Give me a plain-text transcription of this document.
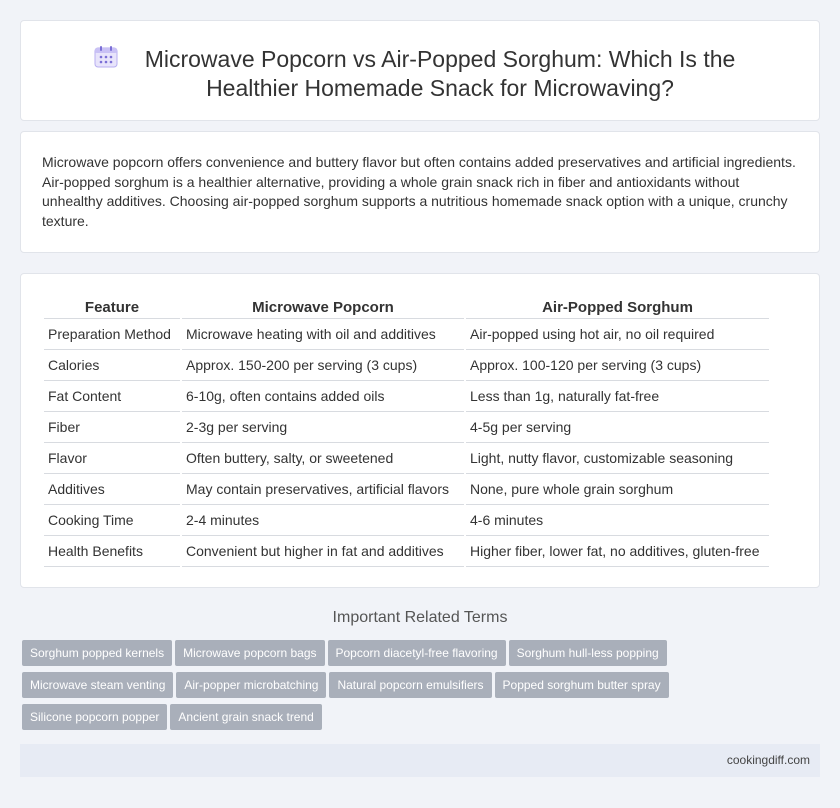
Microwave Popcorn vs Air-Popped Sorghum: Which Is the Healthier Homemade Snack for Microwaving?

Microwave popcorn offers convenience and buttery flavor but often contains added preservatives and artificial ingredients. Air-popped sorghum is a healthier alternative, providing a whole grain snack rich in fiber and antioxidants without unhealthy additives. Choosing air-popped sorghum supports a nutritious homemade snack option with a unique, crunchy texture.

Feature	Microwave Popcorn	Air-Popped Sorghum
Preparation Method	Microwave heating with oil and additives	Air-popped using hot air, no oil required
Calories	Approx. 150-200 per serving (3 cups)	Approx. 100-120 per serving (3 cups)
Fat Content	6-10g, often contains added oils	Less than 1g, naturally fat-free
Fiber	2-3g per serving	4-5g per serving
Flavor	Often buttery, salty, or sweetened	Light, nutty flavor, customizable seasoning
Additives	May contain preservatives, artificial flavors	None, pure whole grain sorghum
Cooking Time	2-4 minutes	4-6 minutes
Health Benefits	Convenient but higher in fat and additives	Higher fiber, lower fat, no additives, gluten-free
Important Related Terms
Sorghum popped kernels Microwave popcorn bags Popcorn diacetyl-free flavoring Sorghum hull-less popping
Microwave steam venting Air-popper microbatching Natural popcorn emulsifiers Popped sorghum butter spray
Silicone popcorn popper Ancient grain snack trend
cookingdiff.com
